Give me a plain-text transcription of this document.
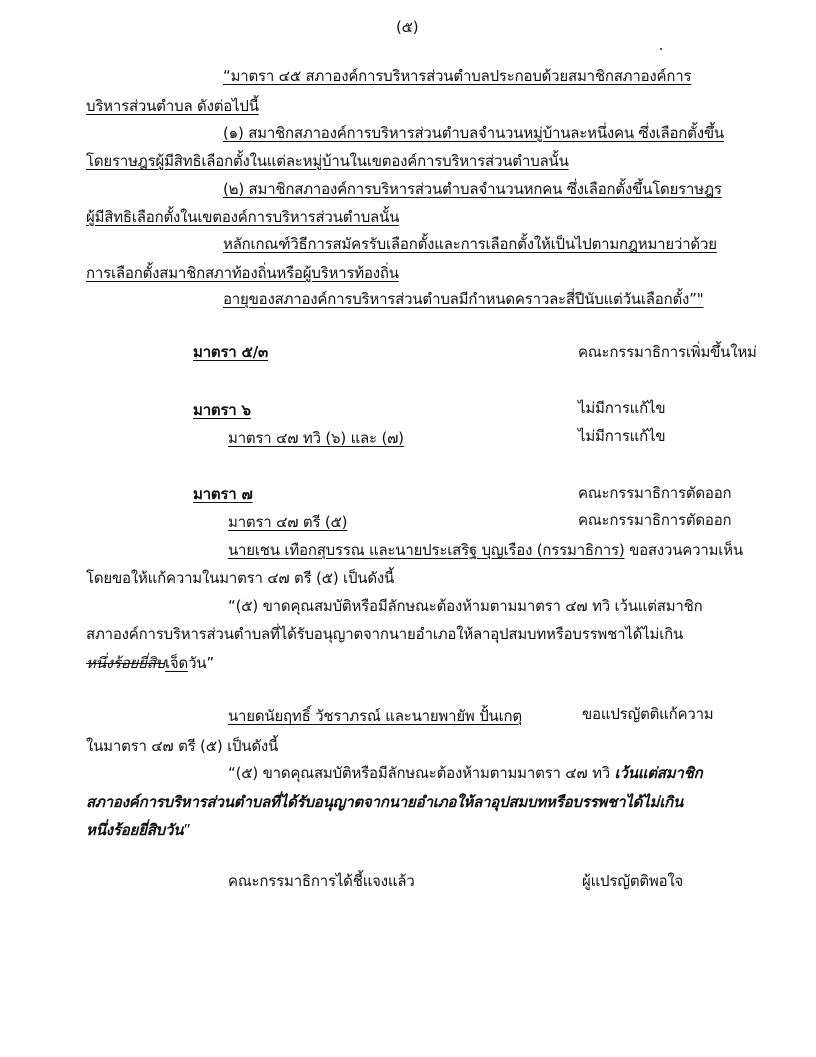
(๕)
“มาตรา ๔๕ สภาองค์การบริหารส่วนตำบลประกอบด้วยสมาชิกสภาองค์การ
บริหารส่วนตำบล ดังต่อไปนี้
(๑) สมาชิกสภาองค์การบริหารส่วนตำบลจำนวนหมู่บ้านละหนึ่งคน ซึ่งเลือกตั้งขึ้น
โดยราษฎรผู้มีสิทธิเลือกตั้งในแต่ละหมู่บ้านในเขตองค์การบริหารส่วนตำบลนั้น
(๒) สมาชิกสภาองค์การบริหารส่วนตำบลจำนวนหกคน ซึ่งเลือกตั้งขึ้นโดยราษฎร
ผู้มีสิทธิเลือกตั้งในเขตองค์การบริหารส่วนตำบลนั้น
หลักเกณฑ์วิธีการสมัครรับเลือกตั้งและการเลือกตั้งให้เป็นไปตามกฎหมายว่าด้วย
การเลือกตั้งสมาชิกสภาท้องถิ่นหรือผู้บริหารท้องถิ่น
อายุของสภาองค์การบริหารส่วนตำบลมีกำหนดคราวละสี่ปีนับแต่วันเลือกตั้ง”"
มาตรา ๕/๓	คณะกรรมาธิการเพิ่มขึ้นใหม่
มาตรา ๖	ไม่มีการแก้ไข
มาตรา ๔๗ ทวิ (๖) และ (๗)	ไม่มีการแก้ไข
มาตรา ๗	คณะกรรมาธิการตัดออก
มาตรา ๔๗ ตรี (๕)	คณะกรรมาธิการตัดออก
นายเชน เทือกสุบรรณ และนายประเสริฐ บุญเรือง (กรรมาธิการ) ขอสงวนความเห็น
โดยขอให้แก้ความในมาตรา ๔๗ ตรี (๕) เป็นดังนี้
“(๕) ขาดคุณสมบัติหรือมีลักษณะต้องห้ามตามมาตรา ๔๗ ทวิ เว้นแต่สมาชิก
สภาองค์การบริหารส่วนตำบลที่ได้รับอนุญาตจากนายอำเภอให้ลาอุปสมบทหรือบรรพชาได้ไม่เกิน
หนึ่งร้อยยี่สิบเจ็ดวัน”
นายดนัยฤทธิ์ วัชราภรณ์ และนายพายัพ ปั้นเกตุ	ขอแปรญัตติแก้ความ
ในมาตรา ๔๗ ตรี (๕) เป็นดังนี้
“(๕) ขาดคุณสมบัติหรือมีลักษณะต้องห้ามตามมาตรา ๔๗ ทวิ เว้นแต่สมาชิก
สภาองค์การบริหารส่วนตำบลที่ได้รับอนุญาตจากนายอำเภอให้ลาอุปสมบทหรือบรรพชาได้ไม่เกิน
หนึ่งร้อยยี่สิบวัน”
คณะกรรมาธิการได้ชี้แจงแล้ว	ผู้แปรญัตติพอใจ
